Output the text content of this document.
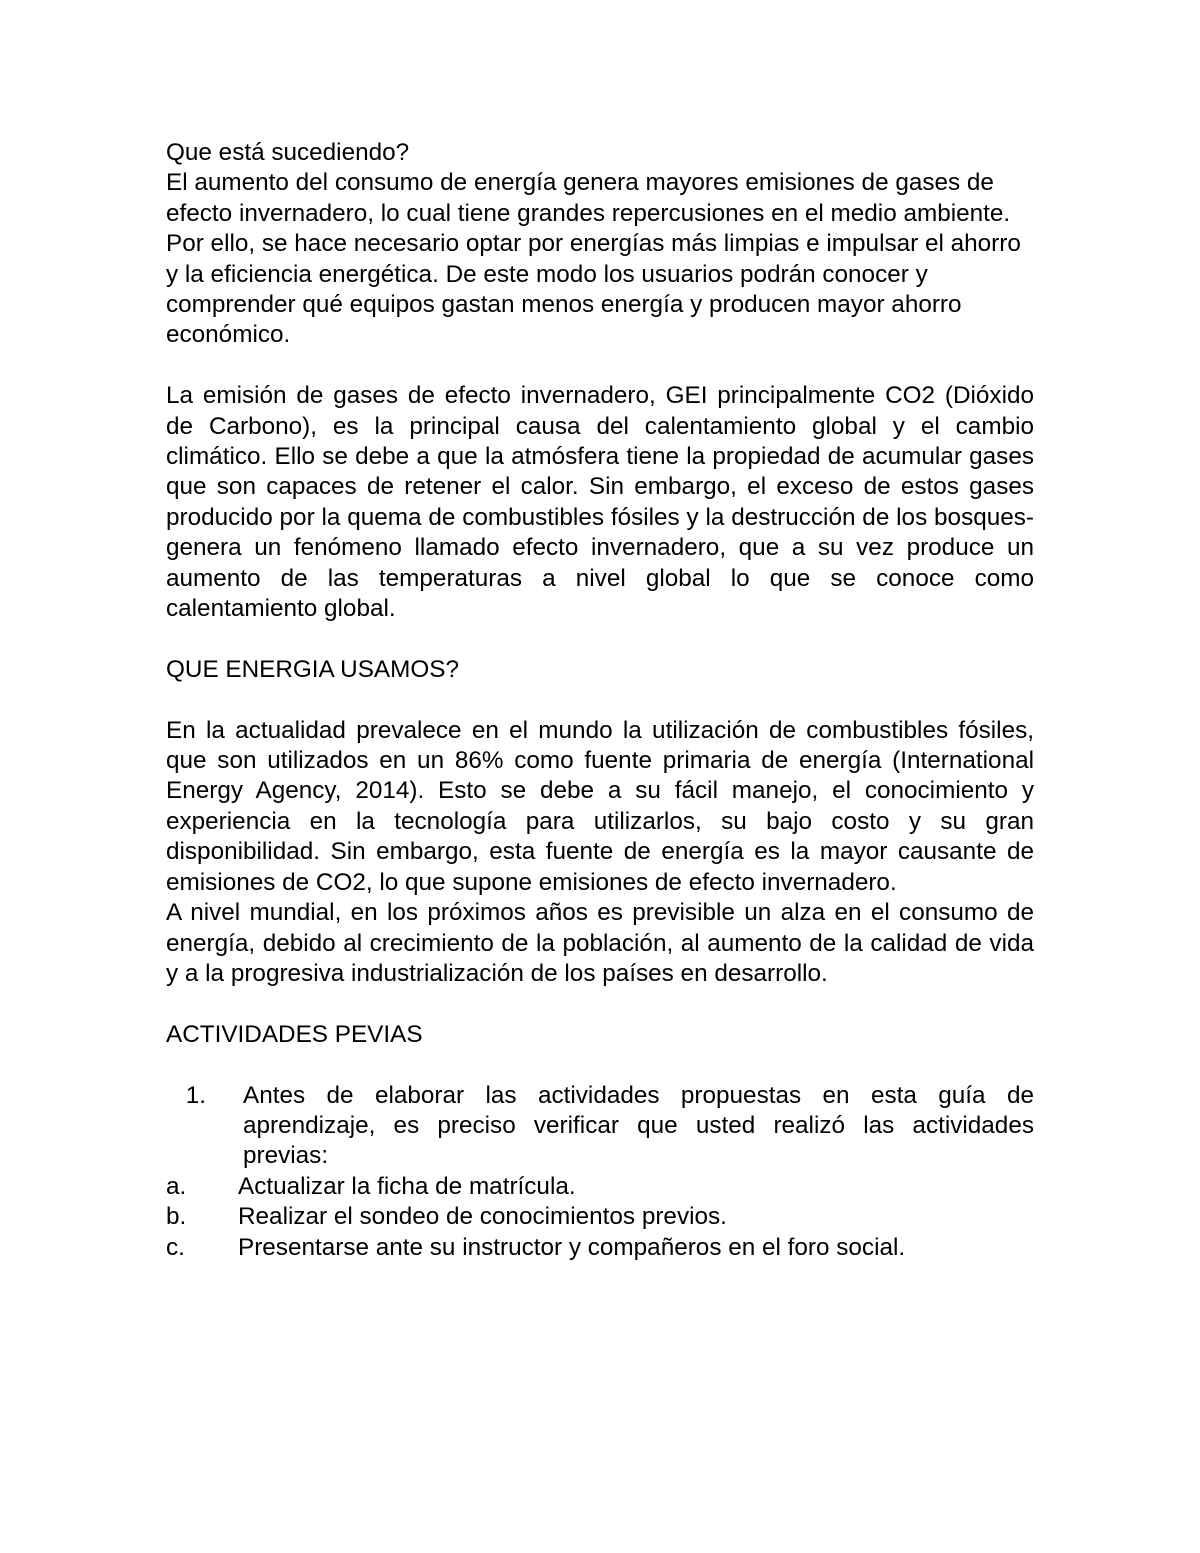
Que está sucediendo?

El aumento del consumo de energía genera mayores emisiones de gases de efecto invernadero, lo cual tiene grandes repercusiones en el medio ambiente. Por ello, se hace necesario optar por energías más limpias e impulsar el ahorro y la eficiencia energética. De este modo los usuarios podrán conocer y comprender qué equipos gastan menos energía y producen mayor ahorro económico.

La emisión de gases de efecto invernadero, GEI principalmente CO2 (Dióxido de Carbono), es la principal causa del calentamiento global y el cambio climático. Ello se debe a que la atmósfera tiene la propiedad de acumular gases que son capaces de retener el calor. Sin embargo, el exceso de estos gases producido por la quema de combustibles fósiles y la destrucción de los bosques- genera un fenómeno llamado efecto invernadero, que a su vez produce un aumento de las temperaturas a nivel global lo que se conoce como calentamiento global.

QUE ENERGIA USAMOS?

En la actualidad prevalece en el mundo la utilización de combustibles fósiles, que son utilizados en un 86% como fuente primaria de energía (International Energy Agency, 2014). Esto se debe a su fácil manejo, el conocimiento y experiencia en la tecnología para utilizarlos, su bajo costo y su gran disponibilidad. Sin embargo, esta fuente de energía es la mayor causante de emisiones de CO2, lo que supone emisiones de efecto invernadero.

A nivel mundial, en los próximos años es previsible un alza en el consumo de energía, debido al crecimiento de la población, al aumento de la calidad de vida y a la progresiva industrialización de los países en desarrollo.

ACTIVIDADES PEVIAS

1.	Antes de elaborar las actividades propuestas en esta guía de aprendizaje, es preciso verificar que usted realizó las actividades previas:
a.	Actualizar la ficha de matrícula.
b.	Realizar el sondeo de conocimientos previos.
c.	Presentarse ante su instructor y compañeros en el foro social.
